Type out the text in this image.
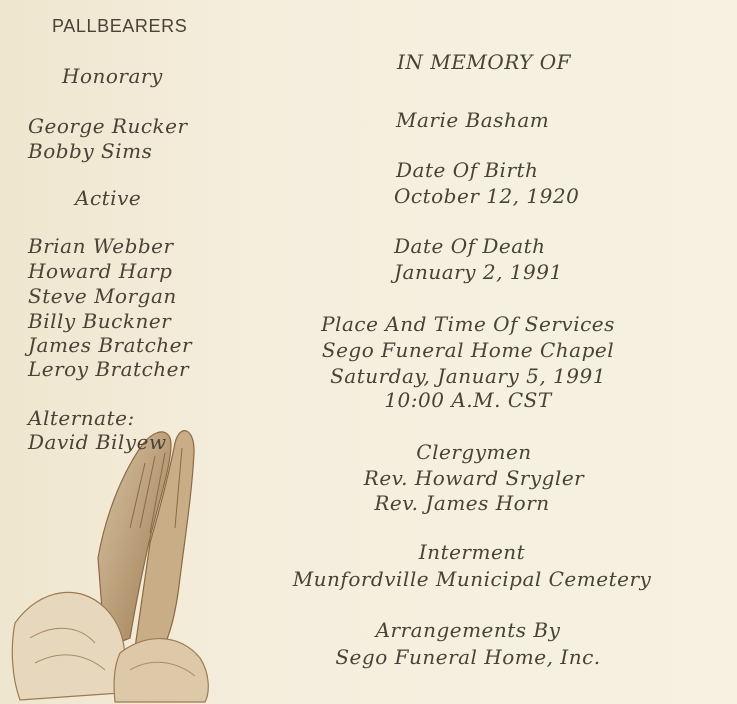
PALLBEARERS
Honorary
George Rucker
Bobby Sims
Active
Brian Webber
Howard Harp
Steve Morgan
Billy Buckner
James Bratcher
Leroy Bratcher
Alternate:
David Bilyew
IN MEMORY OF
Marie Basham
Date Of Birth
October 12, 1920
Date Of Death
January 2, 1991
Place And Time Of Services
Sego Funeral Home Chapel
Saturday, January 5, 1991
10:00 A.M. CST
Clergymen
Rev. Howard Srygler
Rev. James Horn
Interment
Munfordville Municipal Cemetery
Arrangements By
Sego Funeral Home, Inc.
